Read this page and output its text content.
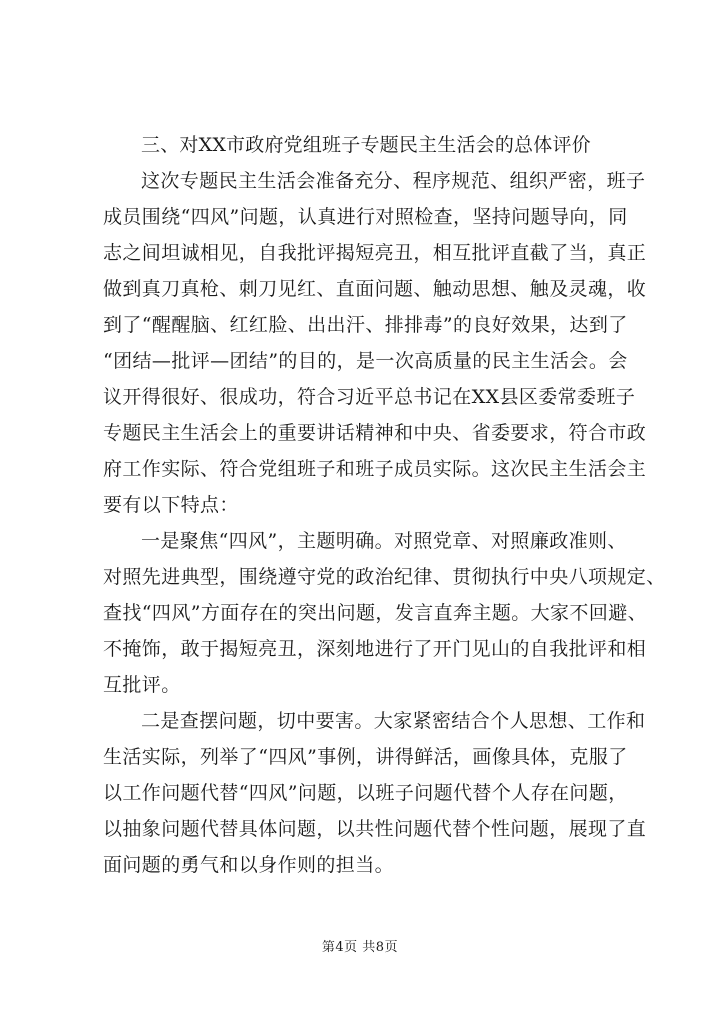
三、对XX市政府党组班子专题民主生活会的总体评价
这次专题民主生活会准备充分、程序规范、组织严密，班子
成员围绕“四风”问题，认真进行对照检查，坚持问题导向，同
志之间坦诚相见，自我批评揭短亮丑，相互批评直截了当，真正
做到真刀真枪、刺刀见红、直面问题、触动思想、触及灵魂，收
到了“醒醒脑、红红脸、出出汗、排排毒”的良好效果，达到了
“团结—批评—团结”的目的，是一次高质量的民主生活会。会
议开得很好、很成功，符合习近平总书记在XX县区委常委班子
专题民主生活会上的重要讲话精神和中央、省委要求，符合市政
府工作实际、符合党组班子和班子成员实际。这次民主生活会主
要有以下特点：
一是聚焦“四风”，主题明确。对照党章、对照廉政准则、
对照先进典型，围绕遵守党的政治纪律、贯彻执行中央八项规定、
查找“四风”方面存在的突出问题，发言直奔主题。大家不回避、
不掩饰，敢于揭短亮丑，深刻地进行了开门见山的自我批评和相
互批评。
二是查摆问题，切中要害。大家紧密结合个人思想、工作和
生活实际，列举了“四风”事例，讲得鲜活，画像具体，克服了
以工作问题代替“四风”问题，以班子问题代替个人存在问题，
以抽象问题代替具体问题，以共性问题代替个性问题，展现了直
面问题的勇气和以身作则的担当。
第4页 共8页
